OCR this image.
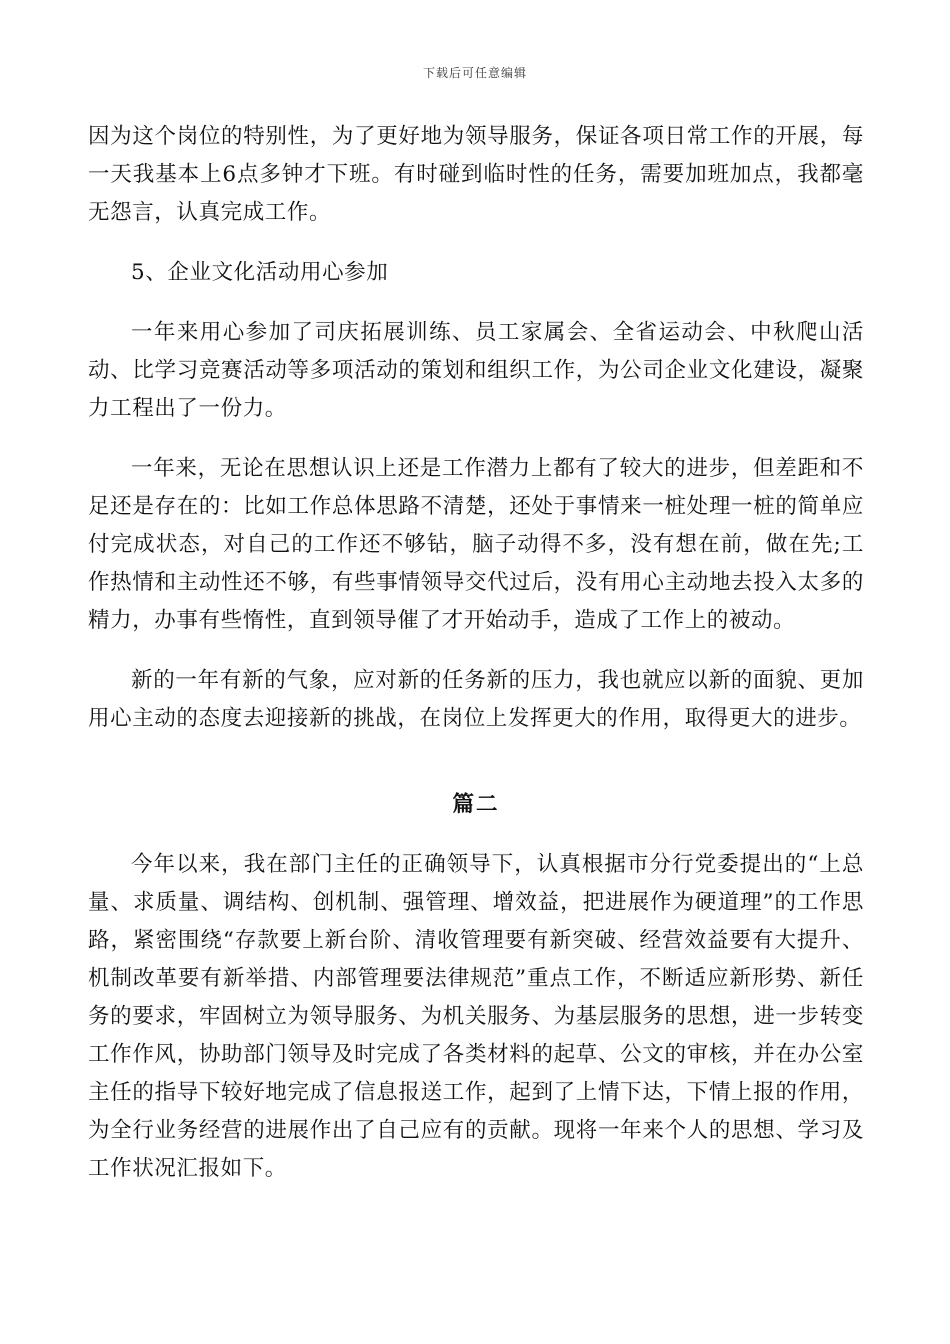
下载后可任意编辑

因为这个岗位的特别性，为了更好地为领导服务，保证各项日常工作的开展，每一天我基本上6点多钟才下班。有时碰到临时性的任务，需要加班加点，我都毫无怨言，认真完成工作。

5、企业文化活动用心参加

一年来用心参加了司庆拓展训练、员工家属会、全省运动会、中秋爬山活动、比学习竞赛活动等多项活动的策划和组织工作，为公司企业文化建设，凝聚力工程出了一份力。

一年来，无论在思想认识上还是工作潜力上都有了较大的进步，但差距和不足还是存在的：比如工作总体思路不清楚，还处于事情来一桩处理一桩的简单应付完成状态，对自己的工作还不够钻，脑子动得不多，没有想在前，做在先;工作热情和主动性还不够，有些事情领导交代过后，没有用心主动地去投入太多的精力，办事有些惰性，直到领导催了才开始动手，造成了工作上的被动。

新的一年有新的气象，应对新的任务新的压力，我也就应以新的面貌、更加用心主动的态度去迎接新的挑战，在岗位上发挥更大的作用，取得更大的进步。

篇二

今年以来，我在部门主任的正确领导下，认真根据市分行党委提出的“上总量、求质量、调结构、创机制、强管理、增效益，把进展作为硬道理”的工作思路，紧密围绕“存款要上新台阶、清收管理要有新突破、经营效益要有大提升、机制改革要有新举措、内部管理要法律规范”重点工作，不断适应新形势、新任务的要求，牢固树立为领导服务、为机关服务、为基层服务的思想，进一步转变工作作风，协助部门领导及时完成了各类材料的起草、公文的审核，并在办公室主任的指导下较好地完成了信息报送工作，起到了上情下达，下情上报的作用，为全行业务经营的进展作出了自己应有的贡献。现将一年来个人的思想、学习及工作状况汇报如下。
